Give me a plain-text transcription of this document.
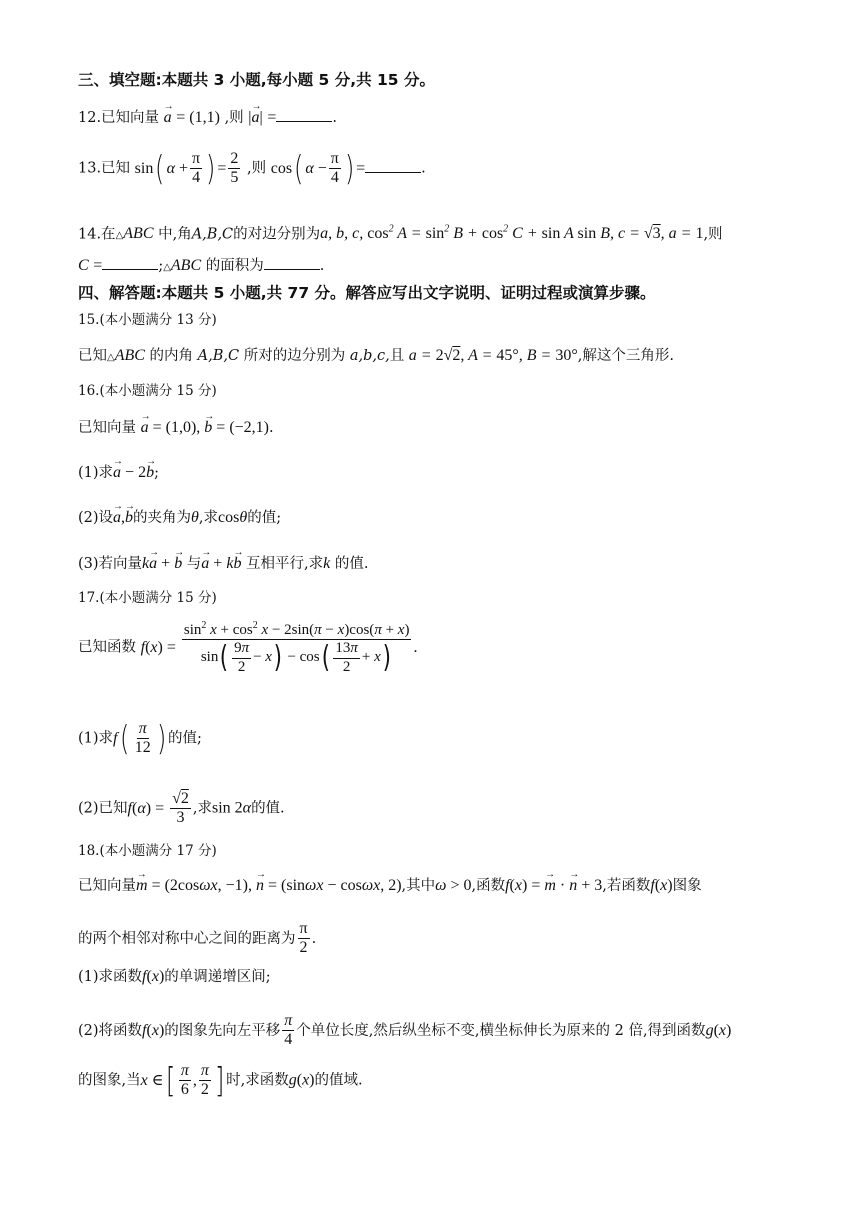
三、填空题:本题共 3 小题,每小题 5 分,共 15 分。
12.已知向量 → a = (1,1) ,则 |→ a| =	.
13.已知 sin( $\alpha + \frac{\pi}{4}$ ) = $\frac{2}{5}$ ,则 cos( $\alpha - \frac{\pi}{4}$ ) =	.
14.在△ABC 中,角A,B,C的对边分别为a, b, c, $\cos^2 A = \sin^2 B + \cos^2 C + \sin A$ sin B, c = √3, a = 1,则
C =	;△ABC 的面积为	.
四、解答题:本题共 5 小题,共 77 分。解答应写出文字说明、证明过程或演算步骤。
15.(本小题满分 13 分)
已知△ABC 的内角 A,B,C 所对的边分别为 a,b,c,且 a = 2√2, A = 45°, B = 30°,解这个三角形.
16.(本小题满分 15 分)
已知向量 → a = (1,0), → b = (−2,1).
(1)求→ a − 2→ b;
(2)设→ a,→ b的夹角为θ,求cosθ的值;
(3)若向量k→ a + → b 与→ a + k→ b 互相平行,求k 的值.
17.(本小题满分 15 分)
已知函数 $f(x) = \frac{\sin^2 x + \cos^2 x - 2\sin(\pi - x)\cos(\pi + x)}{\sin( \frac{9\pi}{2} - x) - \cos( \frac{13\pi}{2} + x)}$ .
(1)求$f( \frac{\pi}{12}$ ) 的值;
(2)已知$f(\alpha) = \frac{√2}{3}$ ,求sin 2α的值.
18.(本小题满分 17 分)
已知向量→ m = (2cosωx, −1), → n = (sinωx − cosωx, 2),其中ω > 0,函数f(x) = → m · → n + 3,若函数f(x)图象
的两个相邻对称中心之间的距离为 $\frac{\pi}{2}$ .
(1)求函数f(x)的单调递增区间;
(2)将函数f(x)的图象先向左平移 $\frac{\pi}{4}$ 个单位长度,然后纵坐标不变,横坐标伸长为原来的 2 倍,得到函数g(x)
的图象,当x ∈[ $\frac{\pi}{6}$ , $\frac{\pi}{2}$ ] 时,求函数g(x)的值域.
